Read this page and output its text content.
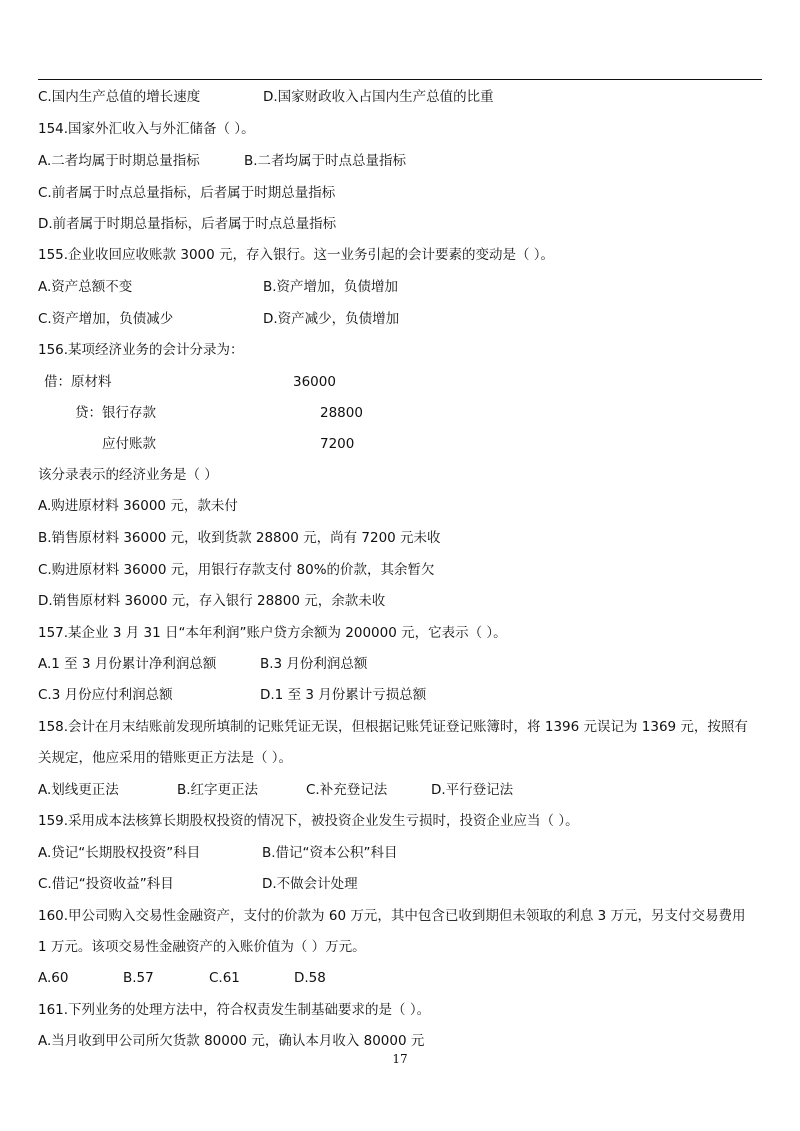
C.国内生产总值的增长速度	D.国家财政收入占国内生产总值的比重
154.国家外汇收入与外汇储备（ ）。
A.二者均属于时期总量指标	B.二者均属于时点总量指标
C.前者属于时点总量指标，后者属于时期总量指标
D.前者属于时期总量指标，后者属于时点总量指标
155.企业收回应收账款 3000 元，存入银行。这一业务引起的会计要素的变动是（ ）。
A.资产总额不变	B.资产增加，负债增加
C.资产增加，负债减少	D.资产减少，负债增加
156.某项经济业务的会计分录为：
借：原材料	36000
贷：银行存款	28800
应付账款	7200
该分录表示的经济业务是（ ）
A.购进原材料 36000 元，款未付
B.销售原材料 36000 元，收到货款 28800 元，尚有 7200 元未收
C.购进原材料 36000 元，用银行存款支付 80%的价款，其余暂欠
D.销售原材料 36000 元，存入银行 28800 元，余款未收
157.某企业 3 月 31 日“本年利润”账户贷方余额为 200000 元，它表示（ ）。
A.1 至 3 月份累计净利润总额	B.3 月份利润总额
C.3 月份应付利润总额	D.1 至 3 月份累计亏损总额
158.会计在月末结账前发现所填制的记账凭证无误，但根据记账凭证登记账簿时，将 1396 元误记为 1369 元，按照有
关规定，他应采用的错账更正方法是（ ）。
A.划线更正法	B.红字更正法	C.补充登记法	D.平行登记法
159.采用成本法核算长期股权投资的情况下，被投资企业发生亏损时，投资企业应当（ ）。
A.贷记“长期股权投资”科目	B.借记“资本公积”科目
C.借记“投资收益”科目	D.不做会计处理
160.甲公司购入交易性金融资产，支付的价款为 60 万元，其中包含已收到期但未领取的利息 3 万元，另支付交易费用
1 万元。该项交易性金融资产的入账价值为（ ）万元。
A.60	B.57	C.61	D.58
161.下列业务的处理方法中，符合权责发生制基础要求的是（ ）。
A.当月收到甲公司所欠货款 80000 元，确认本月收入 80000 元
17
